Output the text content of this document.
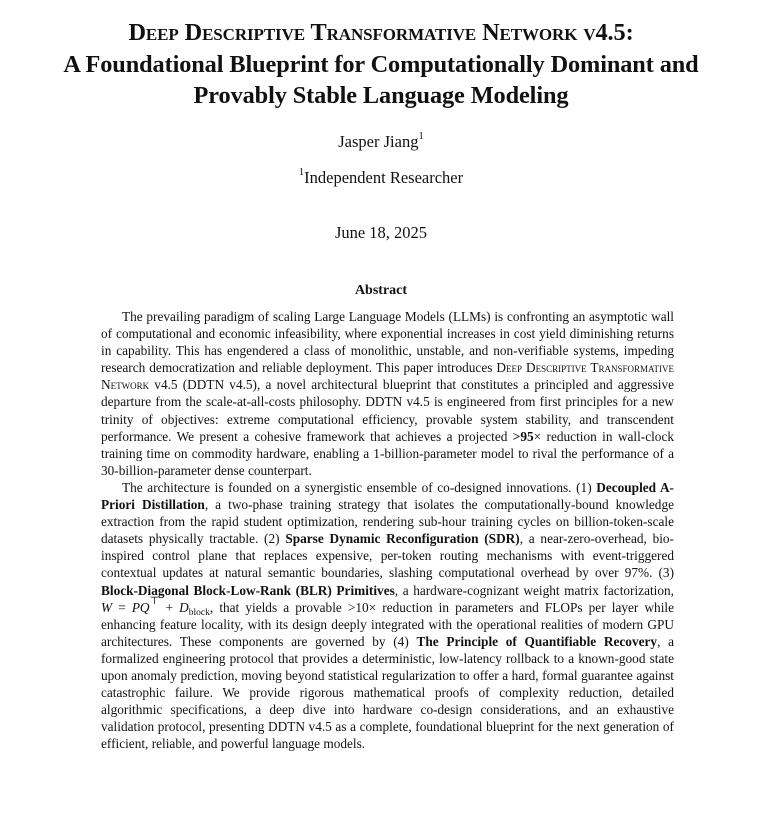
Deep Descriptive Transformative Network v4.5:
A Foundational Blueprint for Computationally Dominant and
Provably Stable Language Modeling
Jasper Jiang$^1$
$^1$Independent Researcher
June 18, 2025
Abstract

The prevailing paradigm of scaling Large Language Models (LLMs) is confronting an asymptotic wall of computational and economic infeasibility, where exponential increases in cost yield diminishing returns in capability. This has engendered a class of monolithic, unstable, and non-verifiable systems, impeding research democratization and reliable deployment. This paper introduces Deep Descriptive Transformative Network v4.5 (DDTN v4.5), a novel architectural blueprint that constitutes a principled and aggressive departure from the scale-at-all-costs philosophy. DDTN v4.5 is engineered from first principles for a new trinity of objectives: extreme computational efficiency, provable system stability, and transcendent performance. We present a cohesive framework that achieves a projected >95× reduction in wall-clock training time on commodity hardware, enabling a 1-billion-parameter model to rival the performance of a 30-billion-parameter dense counterpart.

The architecture is founded on a synergistic ensemble of co-designed innovations. (1) Decoupled A-Priori Distillation, a two-phase training strategy that isolates the computationally-bound knowledge extraction from the rapid student optimization, rendering sub-hour training cycles on billion-token-scale datasets physically tractable. (2) Sparse Dynamic Reconfiguration (SDR), a near-zero-overhead, bio-inspired control plane that replaces expensive, per-token routing mechanisms with event-triggered contextual updates at natural semantic boundaries, slashing computational overhead by over 97%. (3) Block-Diagonal Block-Low-Rank (BLR) Primitives, a hardware-cognizant weight matrix factorization, $W = PQ^⊤ + D_{block}$, that yields a provable >10× reduction in parameters and FLOPs per layer while enhancing feature locality, with its design deeply integrated with the operational realities of modern GPU architectures. These components are governed by (4) The Principle of Quantifiable Recovery, a formalized engineering protocol that provides a deterministic, low-latency rollback to a known-good state upon anomaly prediction, moving beyond statistical regularization to offer a hard, formal guarantee against catastrophic failure. We provide rigorous mathematical proofs of complexity reduction, detailed algorithmic specifications, a deep dive into hardware co-design considerations, and an exhaustive validation protocol, presenting DDTN v4.5 as a complete, foundational blueprint for the next generation of efficient, reliable, and powerful language models.
